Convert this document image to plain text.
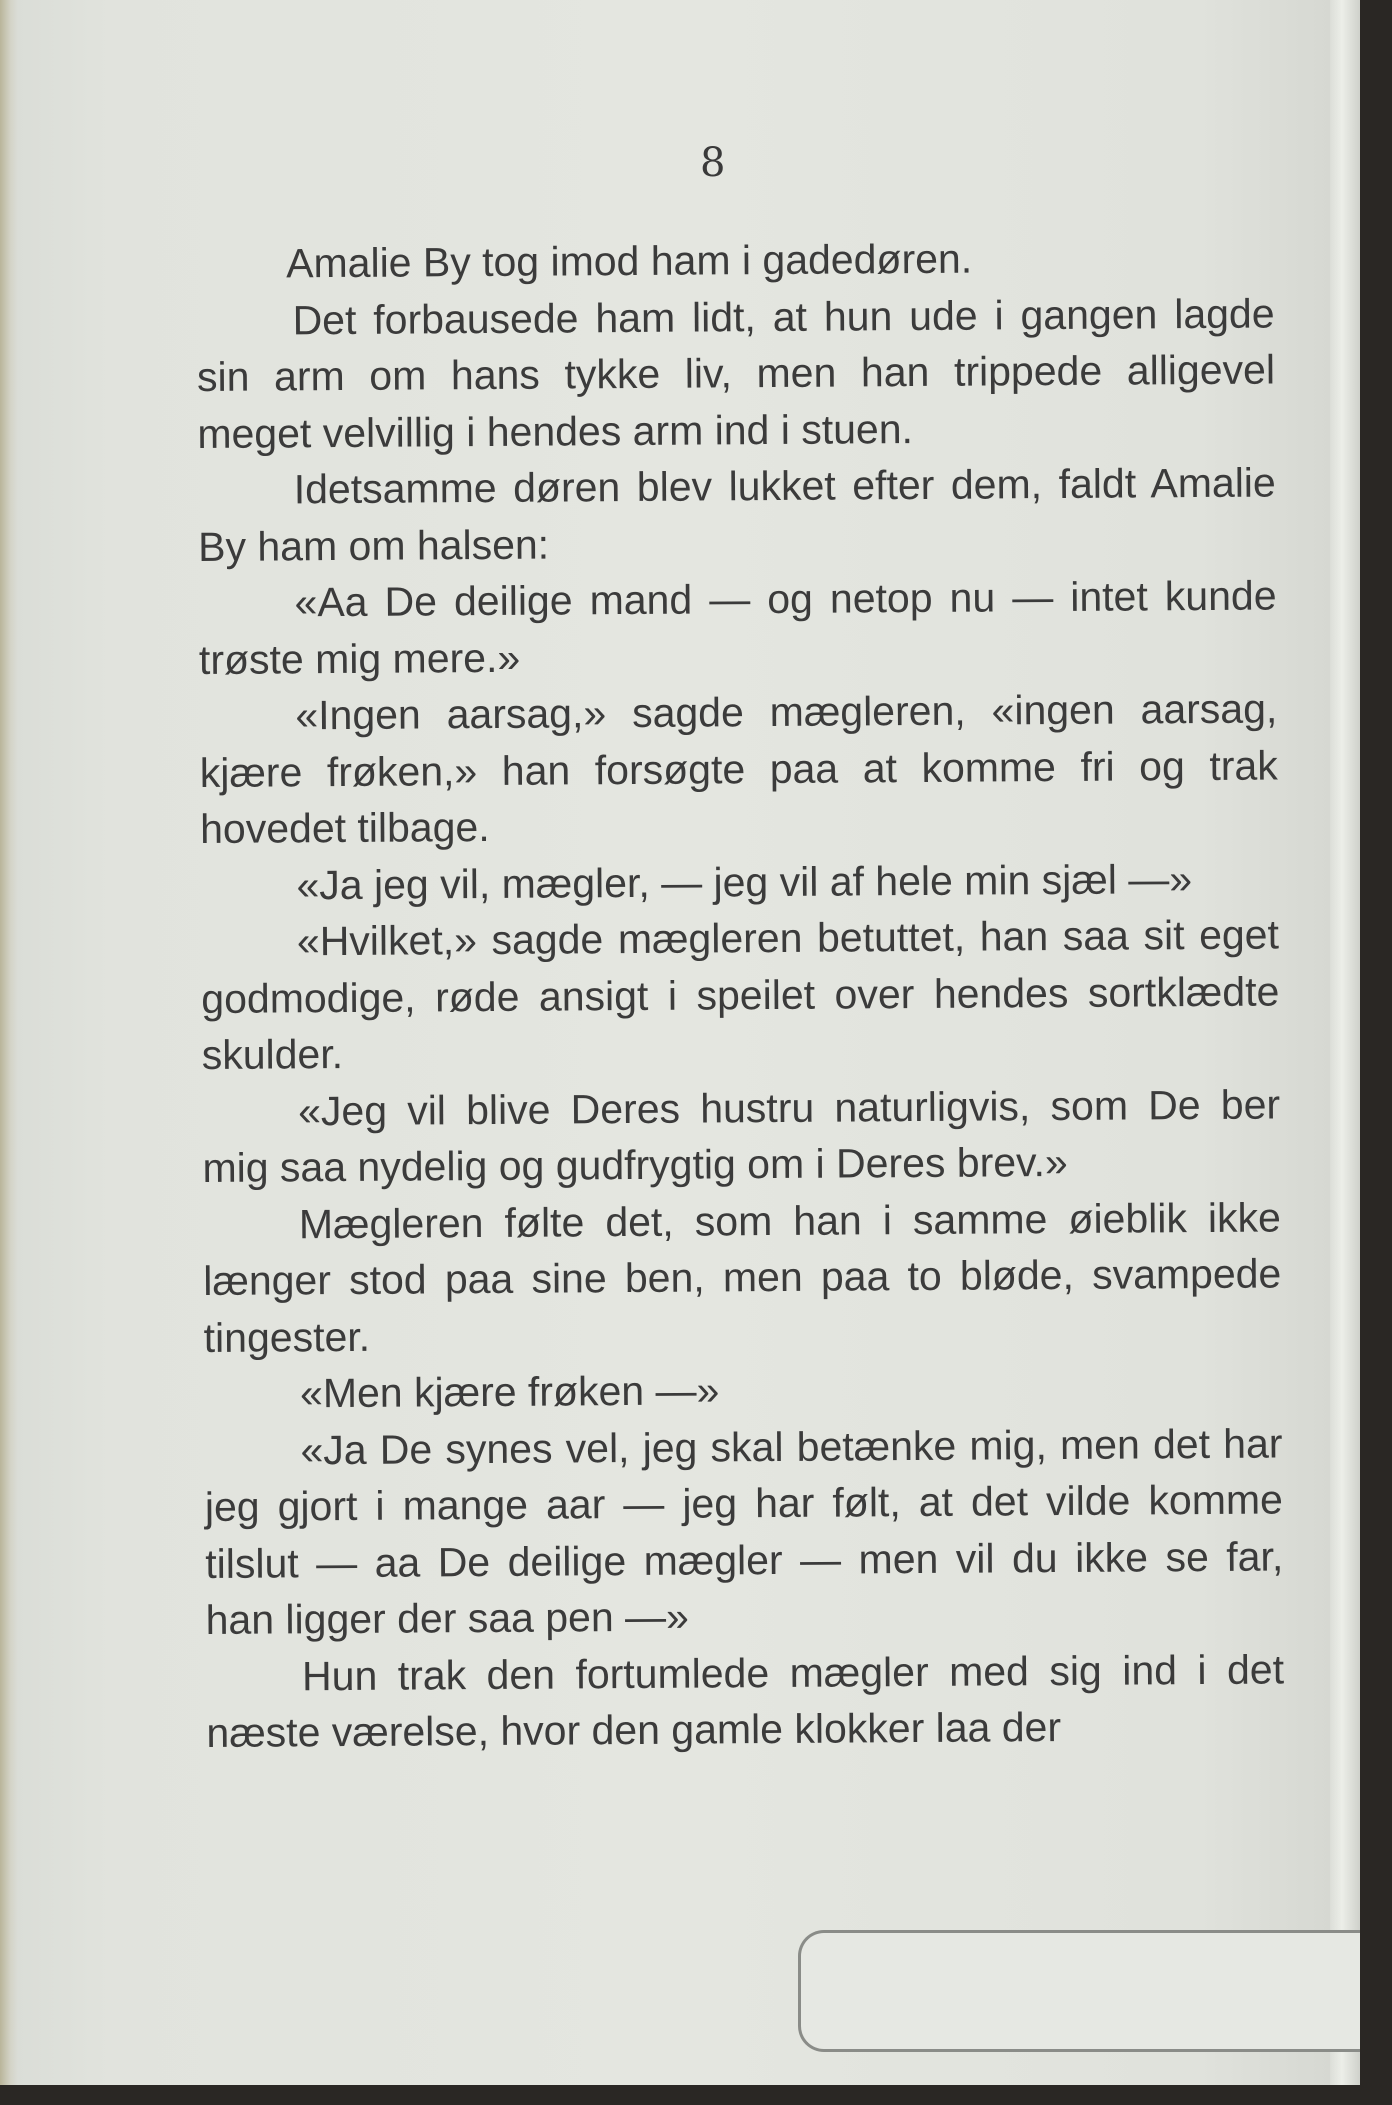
8

Amalie By tog imod ham i gadedøren.

Det forbausede ham lidt, at hun ude i gangen lagde sin arm om hans tykke liv, men han trippede alligevel meget velvillig i hendes arm ind i stuen.

Idetsamme døren blev lukket efter dem, faldt Amalie By ham om halsen:

«Aa De deilige mand — og netop nu — intet kunde trøste mig mere.»

«Ingen aarsag,» sagde mægleren, «ingen aarsag, kjære frøken,» han forsøgte paa at komme fri og trak hovedet tilbage.

«Ja jeg vil, mægler, — jeg vil af hele min sjæl —»

«Hvilket,» sagde mægleren betuttet, han saa sit eget godmodige, røde ansigt i speilet over hendes sortklædte skulder.

«Jeg vil blive Deres hustru naturligvis, som De ber mig saa nydelig og gudfrygtig om i Deres brev.»

Mægleren følte det, som han i samme øieblik ikke længer stod paa sine ben, men paa to bløde, svampede tingester.

«Men kjære frøken —»

«Ja De synes vel, jeg skal betænke mig, men det har jeg gjort i mange aar — jeg har følt, at det vilde komme tilslut — aa De deilige mægler — men vil du ikke se far, han ligger der saa pen —»

Hun trak den fortumlede mægler med sig ind i det næste værelse, hvor den gamle klokker laa der
